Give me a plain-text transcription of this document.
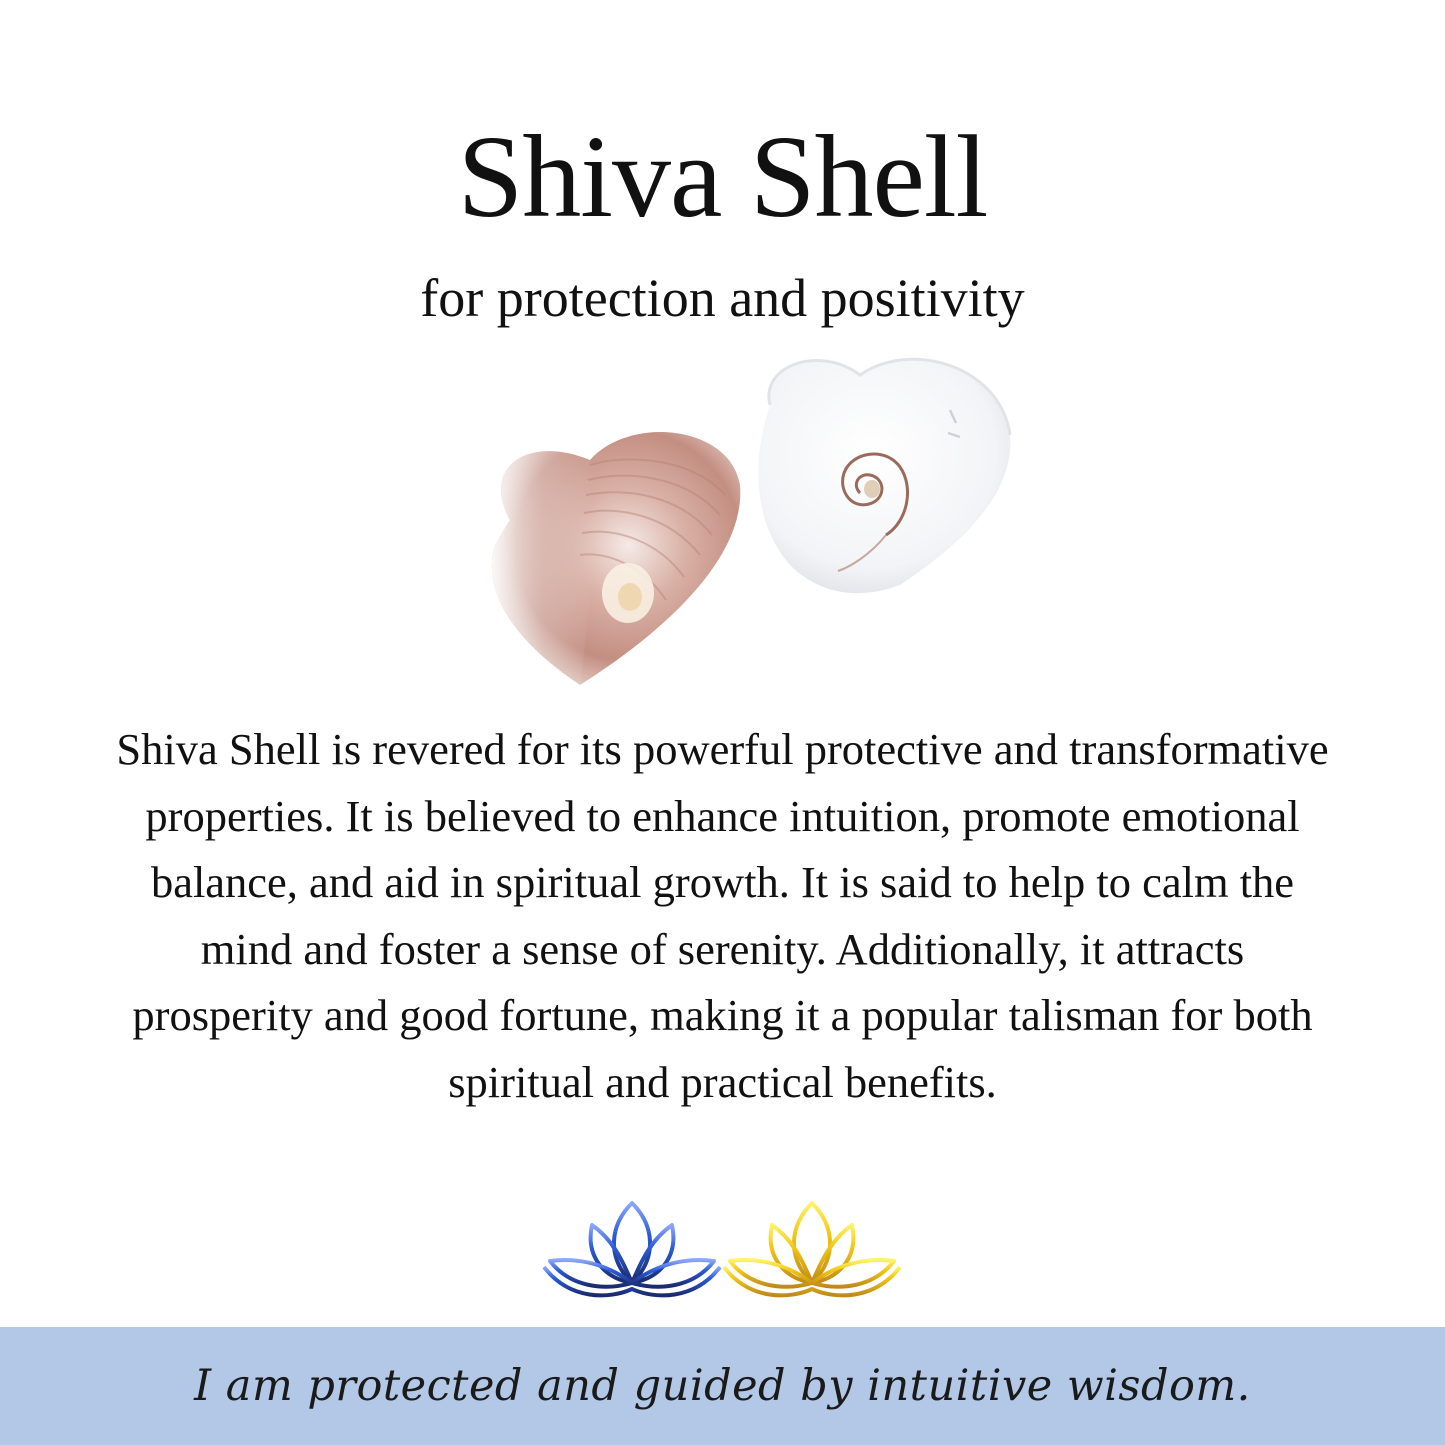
Shiva Shell

for protection and positivity

Shiva Shell is revered for its powerful protective and transformative properties. It is believed to enhance intuition, promote emotional balance, and aid in spiritual growth. It is said to help to calm the mind and foster a sense of serenity. Additionally, it attracts prosperity and good fortune, making it a popular talisman for both spiritual and practical benefits.

I am protected and guided by intuitive wisdom.
